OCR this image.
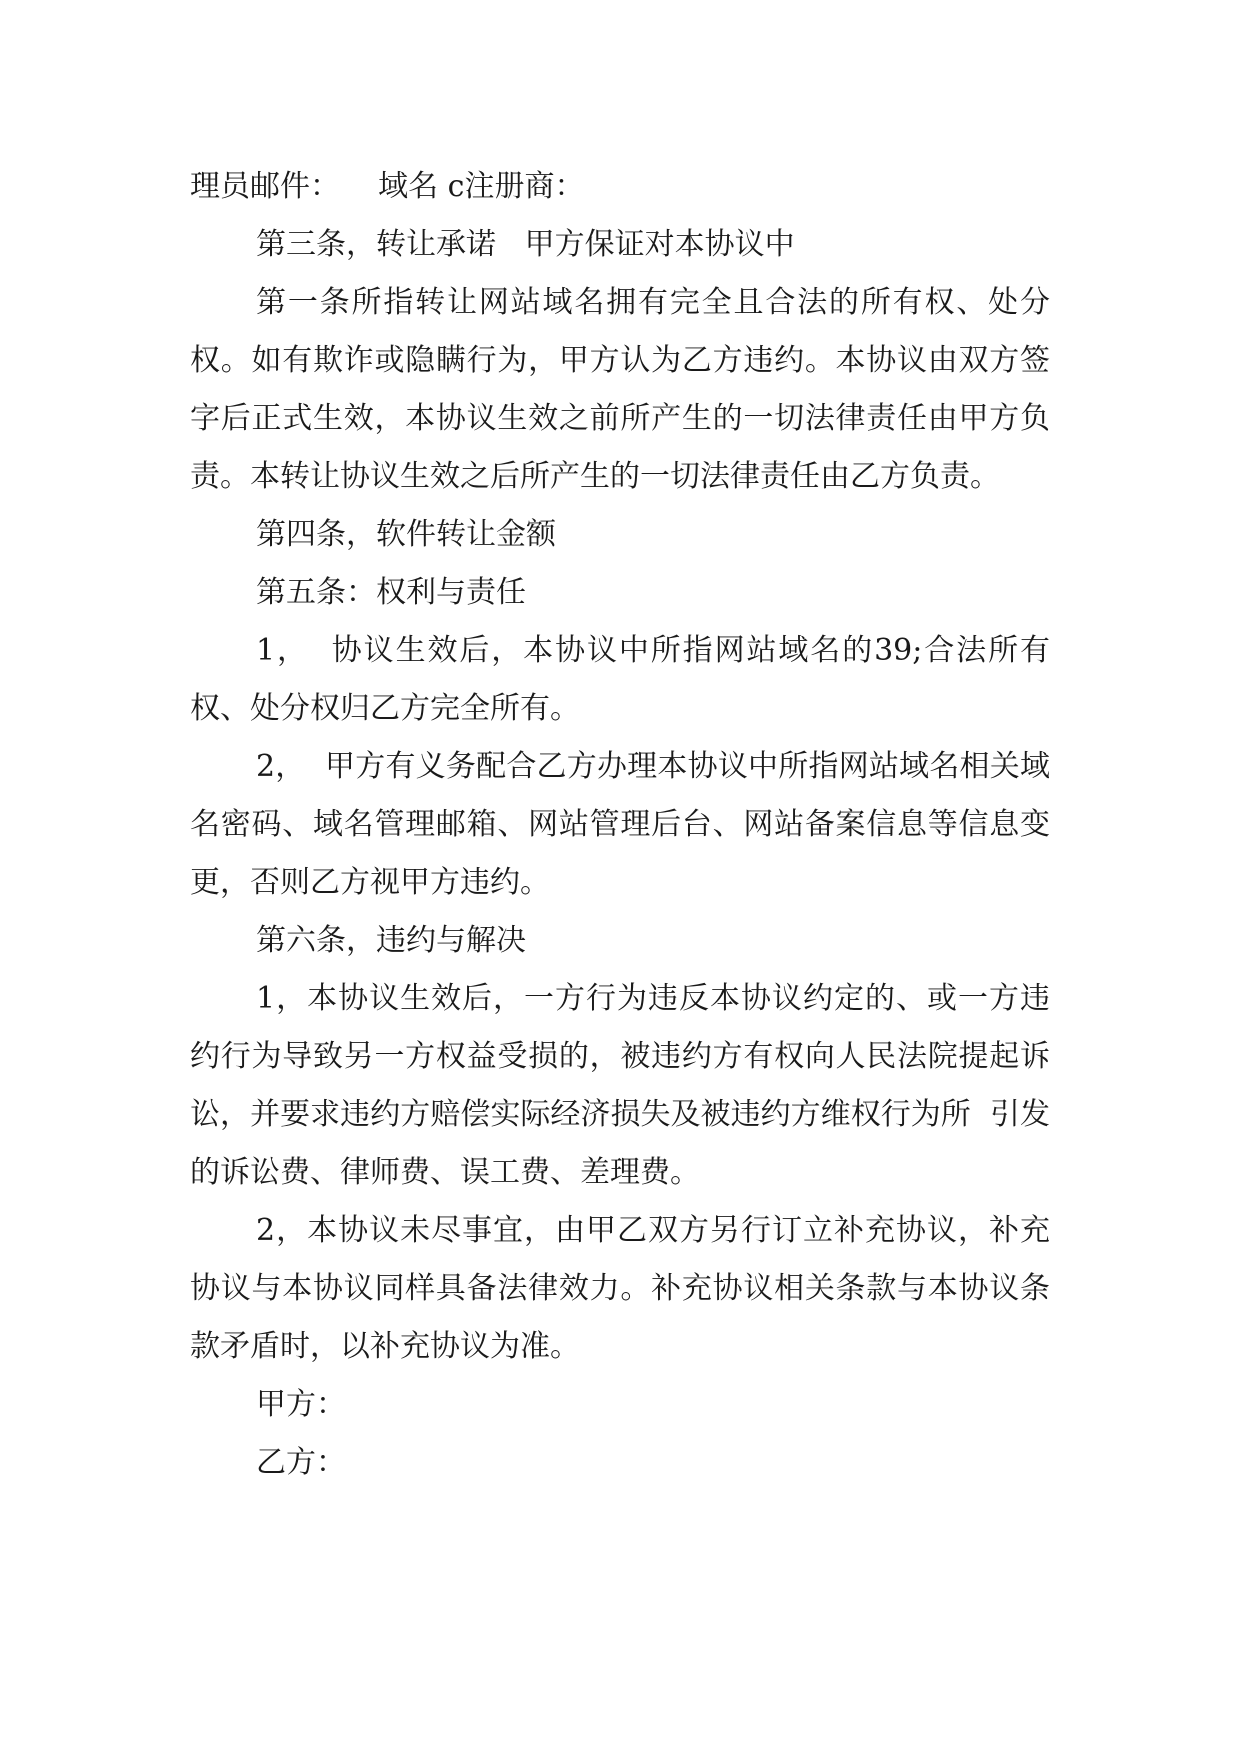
理员邮件：    域名 c注册商：

第三条，转让承诺   甲方保证对本协议中

第一条所指转让网站域名拥有完全且合法的所有权、处分权。如有欺诈或隐瞒行为，甲方认为乙方违约。本协议由双方签字后正式生效，本协议生效之前所产生的一切法律责任由甲方负责。本转让协议生效之后所产生的一切法律责任由乙方负责。

第四条，软件转让金额

第五条：权利与责任

1，  协议生效后，本协议中所指网站域名的39;合法所有权、处分权归乙方完全所有。

2，  甲方有义务配合乙方办理本协议中所指网站域名相关域名密码、域名管理邮箱、网站管理后台、网站备案信息等信息变更，否则乙方视甲方违约。

第六条，违约与解决

1，本协议生效后，一方行为违反本协议约定的、或一方违约行为导致另一方权益受损的，被违约方有权向人民法院提起诉讼，并要求违约方赔偿实际经济损失及被违约方维权行为所  引发的诉讼费、律师费、误工费、差理费。

2，本协议未尽事宜，由甲乙双方另行订立补充协议，补充协议与本协议同样具备法律效力。补充协议相关条款与本协议条款矛盾时，以补充协议为准。

甲方：

乙方：
